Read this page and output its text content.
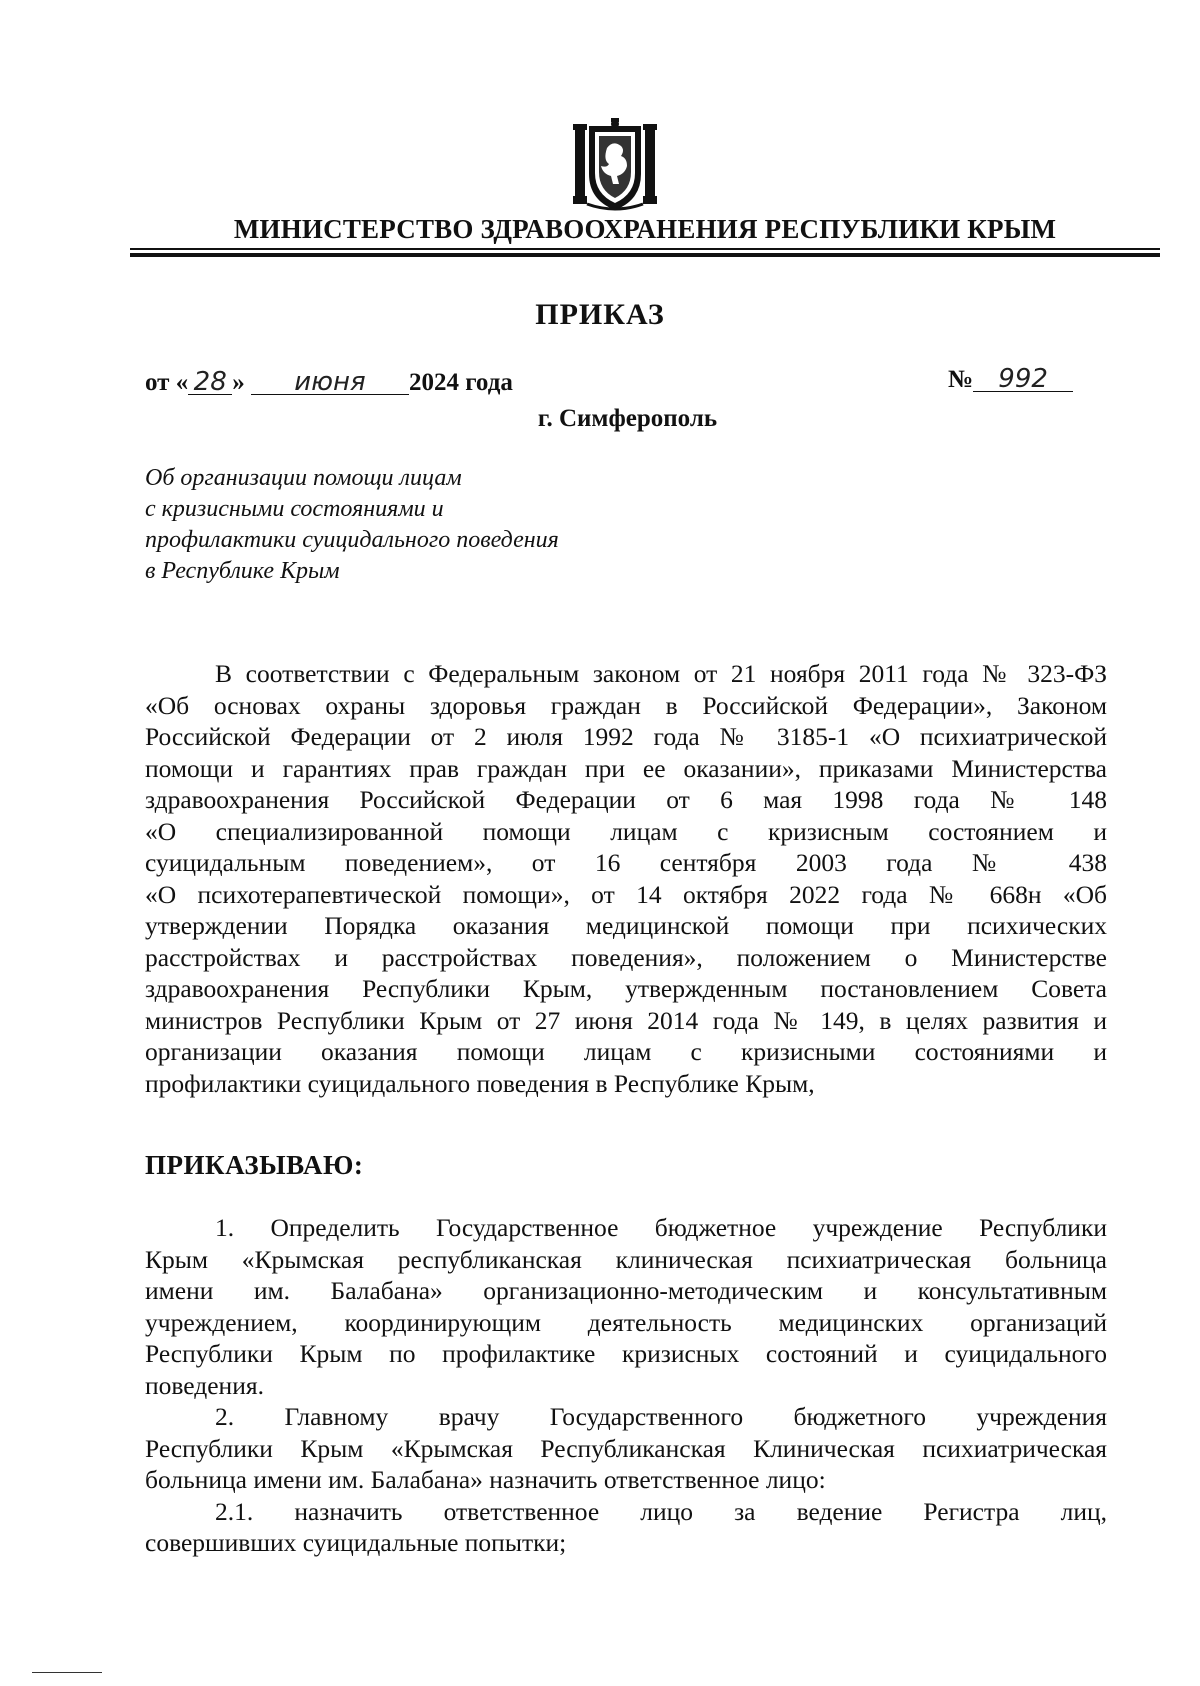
МИНИСТЕРСТВО ЗДРАВООХРАНЕНИЯ РЕСПУБЛИКИ КРЫМ
ПРИКАЗ
от « 28 » июня 2024 года	№ 992
г. Симферополь
Об организации помощи лицам
с кризисными состояниями и
профилактики суицидального поведения
в Республике Крым
В соответствии с Федеральным законом от 21 ноября 2011 года № 323-ФЗ
«Об основах охраны здоровья граждан в Российской Федерации», Законом
Российской Федерации от 2 июля 1992 года № 3185-1 «О психиатрической
помощи и гарантиях прав граждан при ее оказании», приказами Министерства
здравоохранения Российской Федерации от 6 мая 1998 года № 148
«О специализированной помощи лицам с кризисным состоянием и
суицидальным поведением», от 16 сентября 2003 года № 438
«О психотерапевтической помощи», от 14 октября 2022 года № 668н «Об
утверждении Порядка оказания медицинской помощи при психических
расстройствах и расстройствах поведения», положением о Министерстве
здравоохранения Республики Крым, утвержденным постановлением Совета
министров Республики Крым от 27 июня 2014 года № 149, в целях развития и
организации оказания помощи лицам с кризисными состояниями и
профилактики суицидального поведения в Республике Крым,
ПРИКАЗЫВАЮ:
1. Определить Государственное бюджетное учреждение Республики
Крым «Крымская республиканская клиническая психиатрическая больница
имени им. Балабана» организационно-методическим и консультативным
учреждением, координирующим деятельность медицинских организаций
Республики Крым по профилактике кризисных состояний и суицидального
поведения.
2. Главному врачу Государственного бюджетного учреждения
Республики Крым «Крымская Республиканская Клиническая психиатрическая
больница имени им. Балабана» назначить ответственное лицо:
2.1. назначить ответственное лицо за ведение Регистра лиц,
совершивших суицидальные попытки;
